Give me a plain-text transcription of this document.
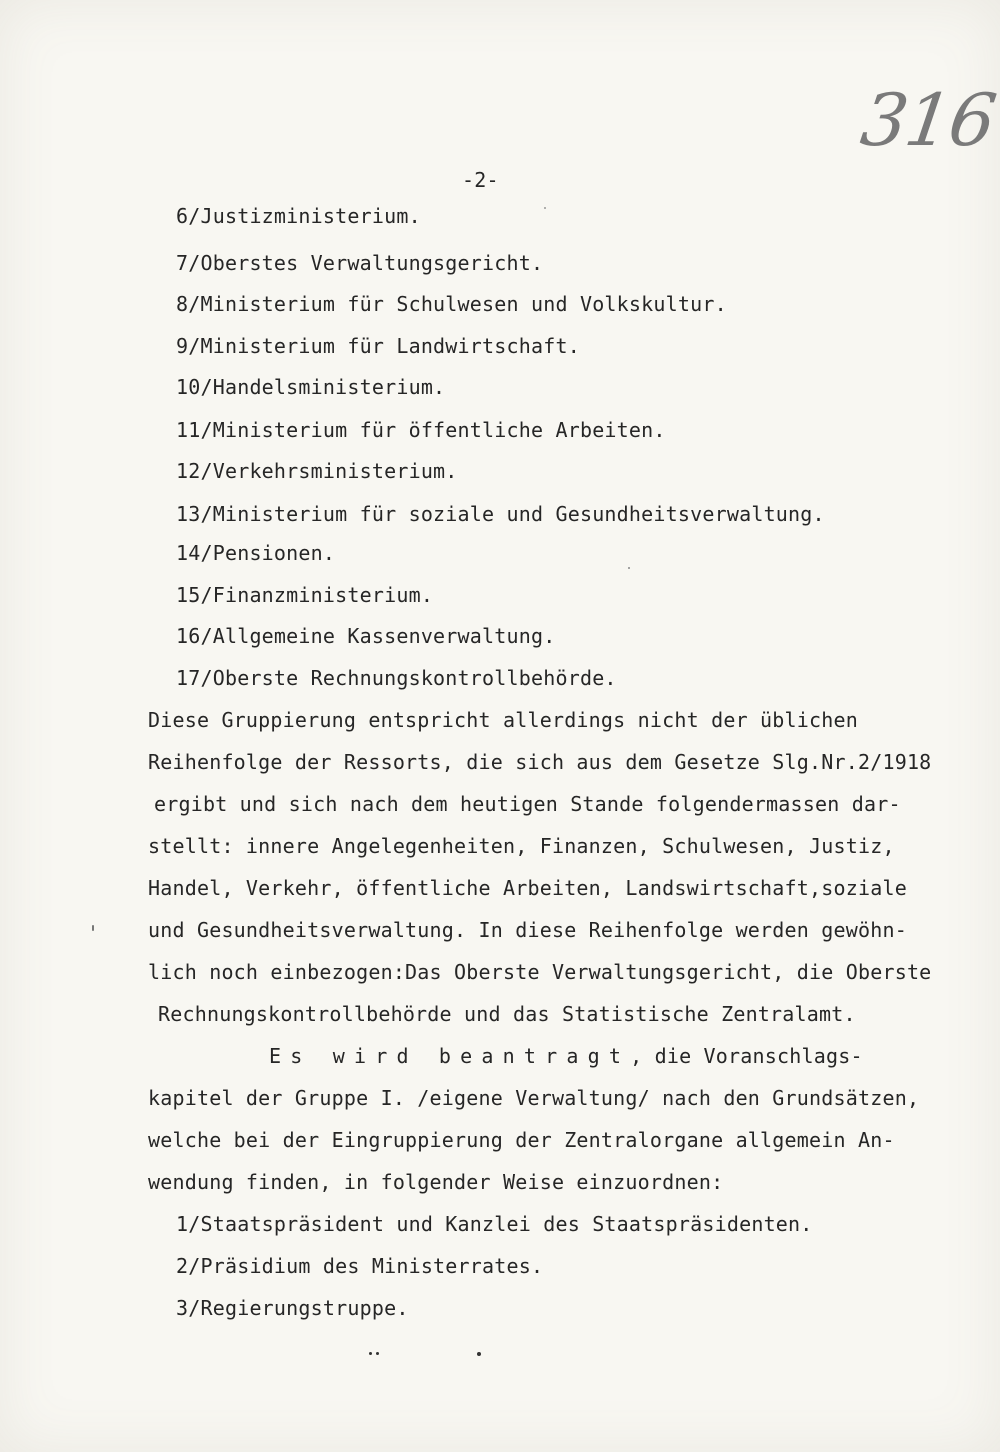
316
-2-
6/Justizministerium.
7/Oberstes Verwaltungsgericht.
8/Ministerium für Schulwesen und Volkskultur.
9/Ministerium für Landwirtschaft.
10/Handelsministerium.
11/Ministerium für öffentliche Arbeiten.
12/Verkehrsministerium.
13/Ministerium für soziale und Gesundheitsverwaltung.
14/Pensionen.
15/Finanzministerium.
16/Allgemeine Kassenverwaltung.
17/Oberste Rechnungskontrollbehörde.
Diese Gruppierung entspricht allerdings nicht der üblichen
Reihenfolge der Ressorts, die sich aus dem Gesetze Slg.Nr.2/1918
ergibt und sich nach dem heutigen Stande folgendermassen dar-
stellt: innere Angelegenheiten, Finanzen, Schulwesen, Justiz,
Handel, Verkehr, öffentliche Arbeiten, Landswirtschaft,soziale
und Gesundheitsverwaltung. In diese Reihenfolge werden gewöhn-
lich noch einbezogen:Das Oberste Verwaltungsgericht, die Oberste
Rechnungskontrollbehörde und das Statistische Zentralamt.
Es wird beantragt, die Voranschlags-
kapitel der Gruppe I. /eigene Verwaltung/ nach den Grundsätzen,
welche bei der Eingruppierung der Zentralorgane allgemein An-
wendung finden, in folgender Weise einzuordnen:
1/Staatspräsident und Kanzlei des Staatspräsidenten.
2/Präsidium des Ministerrates.
3/Regierungstruppe.
